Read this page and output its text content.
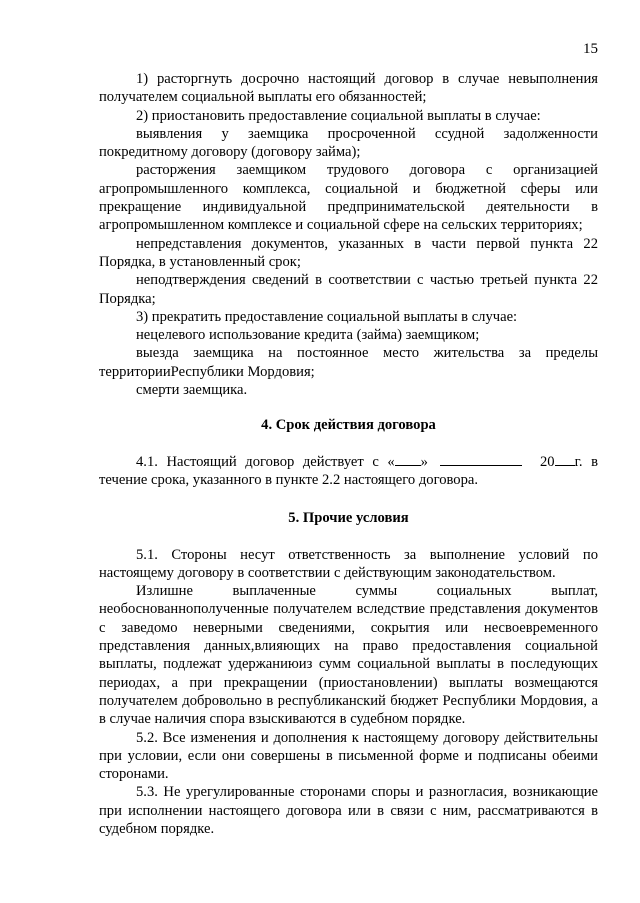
15

1) расторгнуть досрочно настоящий договор в случае невыполнения получателем социальной выплаты его обязанностей;

2) приостановить предоставление социальной выплаты в случае:

выявления у заемщика просроченной ссудной задолженности покредитному договору (договору займа);

расторжения заемщиком трудового договора с организацией агропромышленного комплекса, социальной и бюджетной сферы или прекращение индивидуальной предпринимательской деятельности в агропромышленном комплексе и социальной сфере на сельских территориях;

непредставления документов, указанных в части первой пункта 22 Порядка, в установленный срок;

неподтверждения сведений в соответствии с частью третьей пункта 22 Порядка;

3) прекратить предоставление социальной выплаты в случае:

нецелевого использование кредита (займа) заемщиком;

выезда заемщика на постоянное место жительства за пределы территорииРеспублики Мордовия;

смерти заемщика.

4. Срок действия договора

4.1. Настоящий договор действует с « »	20 г. в течение срока, указанного в пункте 2.2 настоящего договора.

5. Прочие условия

5.1. Стороны несут ответственность за выполнение условий по настоящему договору в соответствии с действующим законодательством.

Излишне выплаченные суммы социальных выплат, необоснованнополученные получателем вследствие представления документов с заведомо неверными сведениями, сокрытия или несвоевременного представления данных,влияющих на право предоставления социальной выплаты, подлежат удержаниюиз сумм социальной выплаты в последующих периодах, а при прекращении (приостановлении) выплаты возмещаются получателем добровольно в республиканский бюджет Республики Мордовия, а в случае наличия спора взыскиваются в судебном порядке.

5.2. Все изменения и дополнения к настоящему договору действительны при условии, если они совершены в письменной форме и подписаны обеими сторонами.

5.3. Не урегулированные сторонами споры и разногласия, возникающие при исполнении настоящего договора или в связи с ним, рассматриваются в судебном порядке.
